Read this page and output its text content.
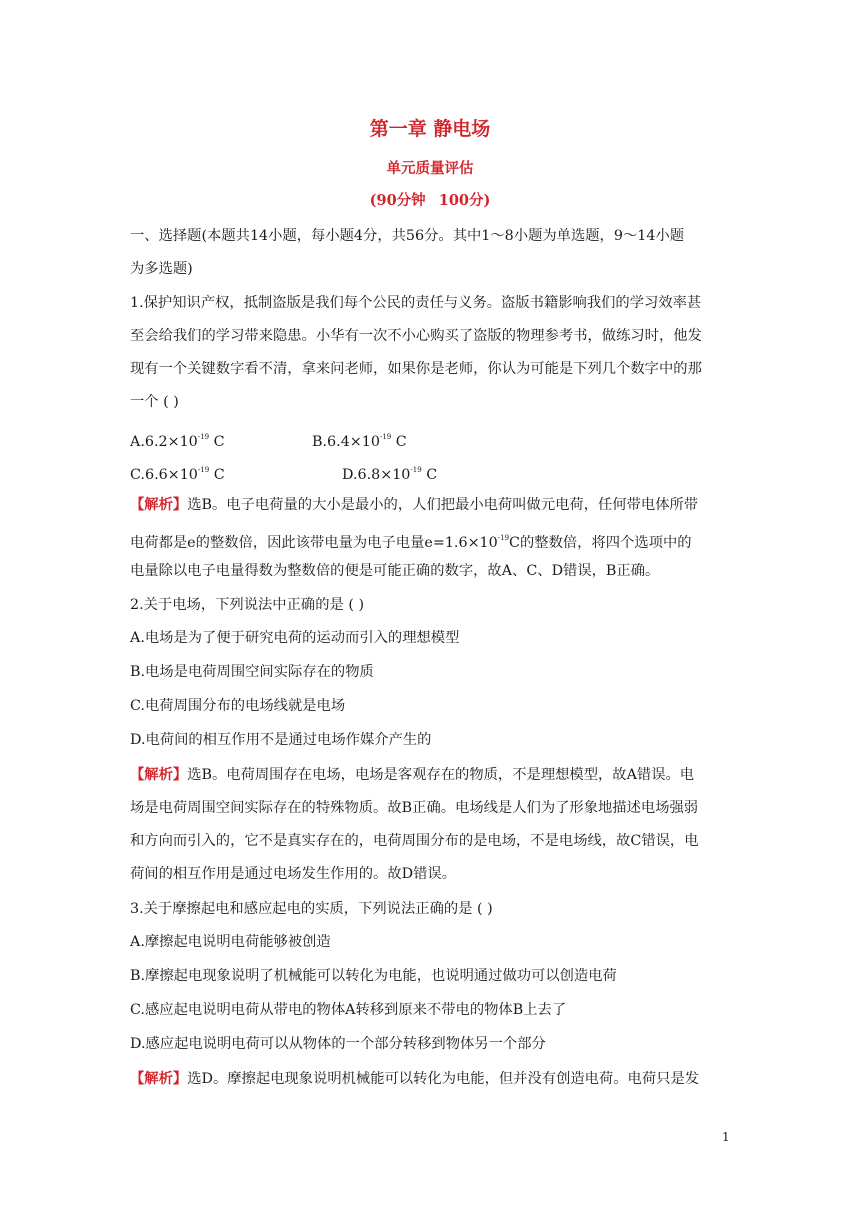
第一章 静电场
单元质量评估
(90分钟 100分)
一、选择题(本题共14小题，每小题4分，共56分。其中1～8小题为单选题，9～14小题
为多选题)
1.保护知识产权，抵制盗版是我们每个公民的责任与义务。盗版书籍影响我们的学习效率甚
至会给我们的学习带来隐患。小华有一次不小心购买了盗版的物理参考书，做练习时，他发
现有一个关键数字看不清，拿来问老师，如果你是老师，你认为可能是下列几个数字中的那
一个 ( )
$A.6.2\times 10^{-19}$ C	$B.6.4\times 10^{-19}$ C
$C.6.6\times 10^{-19}$ C	$D.6.8\times 10^{-19}$ C
【解析】选B。电子电荷量的大小是最小的，人们把最小电荷叫做元电荷，任何带电体所带
电荷都是e的整数倍，因此该带电量为电子电量$e=1.6\times 10^{-19}C$的整数倍，将四个选项中的
电量除以电子电量得数为整数倍的便是可能正确的数字，故A、C、D错误，B正确。
2.关于电场，下列说法中正确的是 ( )
A.电场是为了便于研究电荷的运动而引入的理想模型
B.电场是电荷周围空间实际存在的物质
C.电荷周围分布的电场线就是电场
D.电荷间的相互作用不是通过电场作媒介产生的
【解析】选B。电荷周围存在电场，电场是客观存在的物质，不是理想模型，故A错误。电
场是电荷周围空间实际存在的特殊物质。故B正确。电场线是人们为了形象地描述电场强弱
和方向而引入的，它不是真实存在的，电荷周围分布的是电场，不是电场线，故C错误，电
荷间的相互作用是通过电场发生作用的。故D错误。
3.关于摩擦起电和感应起电的实质，下列说法正确的是 ( )
A.摩擦起电说明电荷能够被创造
B.摩擦起电现象说明了机械能可以转化为电能，也说明通过做功可以创造电荷
C.感应起电说明电荷从带电的物体A转移到原来不带电的物体B上去了
D.感应起电说明电荷可以从物体的一个部分转移到物体另一个部分
【解析】选D。摩擦起电现象说明机械能可以转化为电能，但并没有创造电荷。电荷只是发
1
